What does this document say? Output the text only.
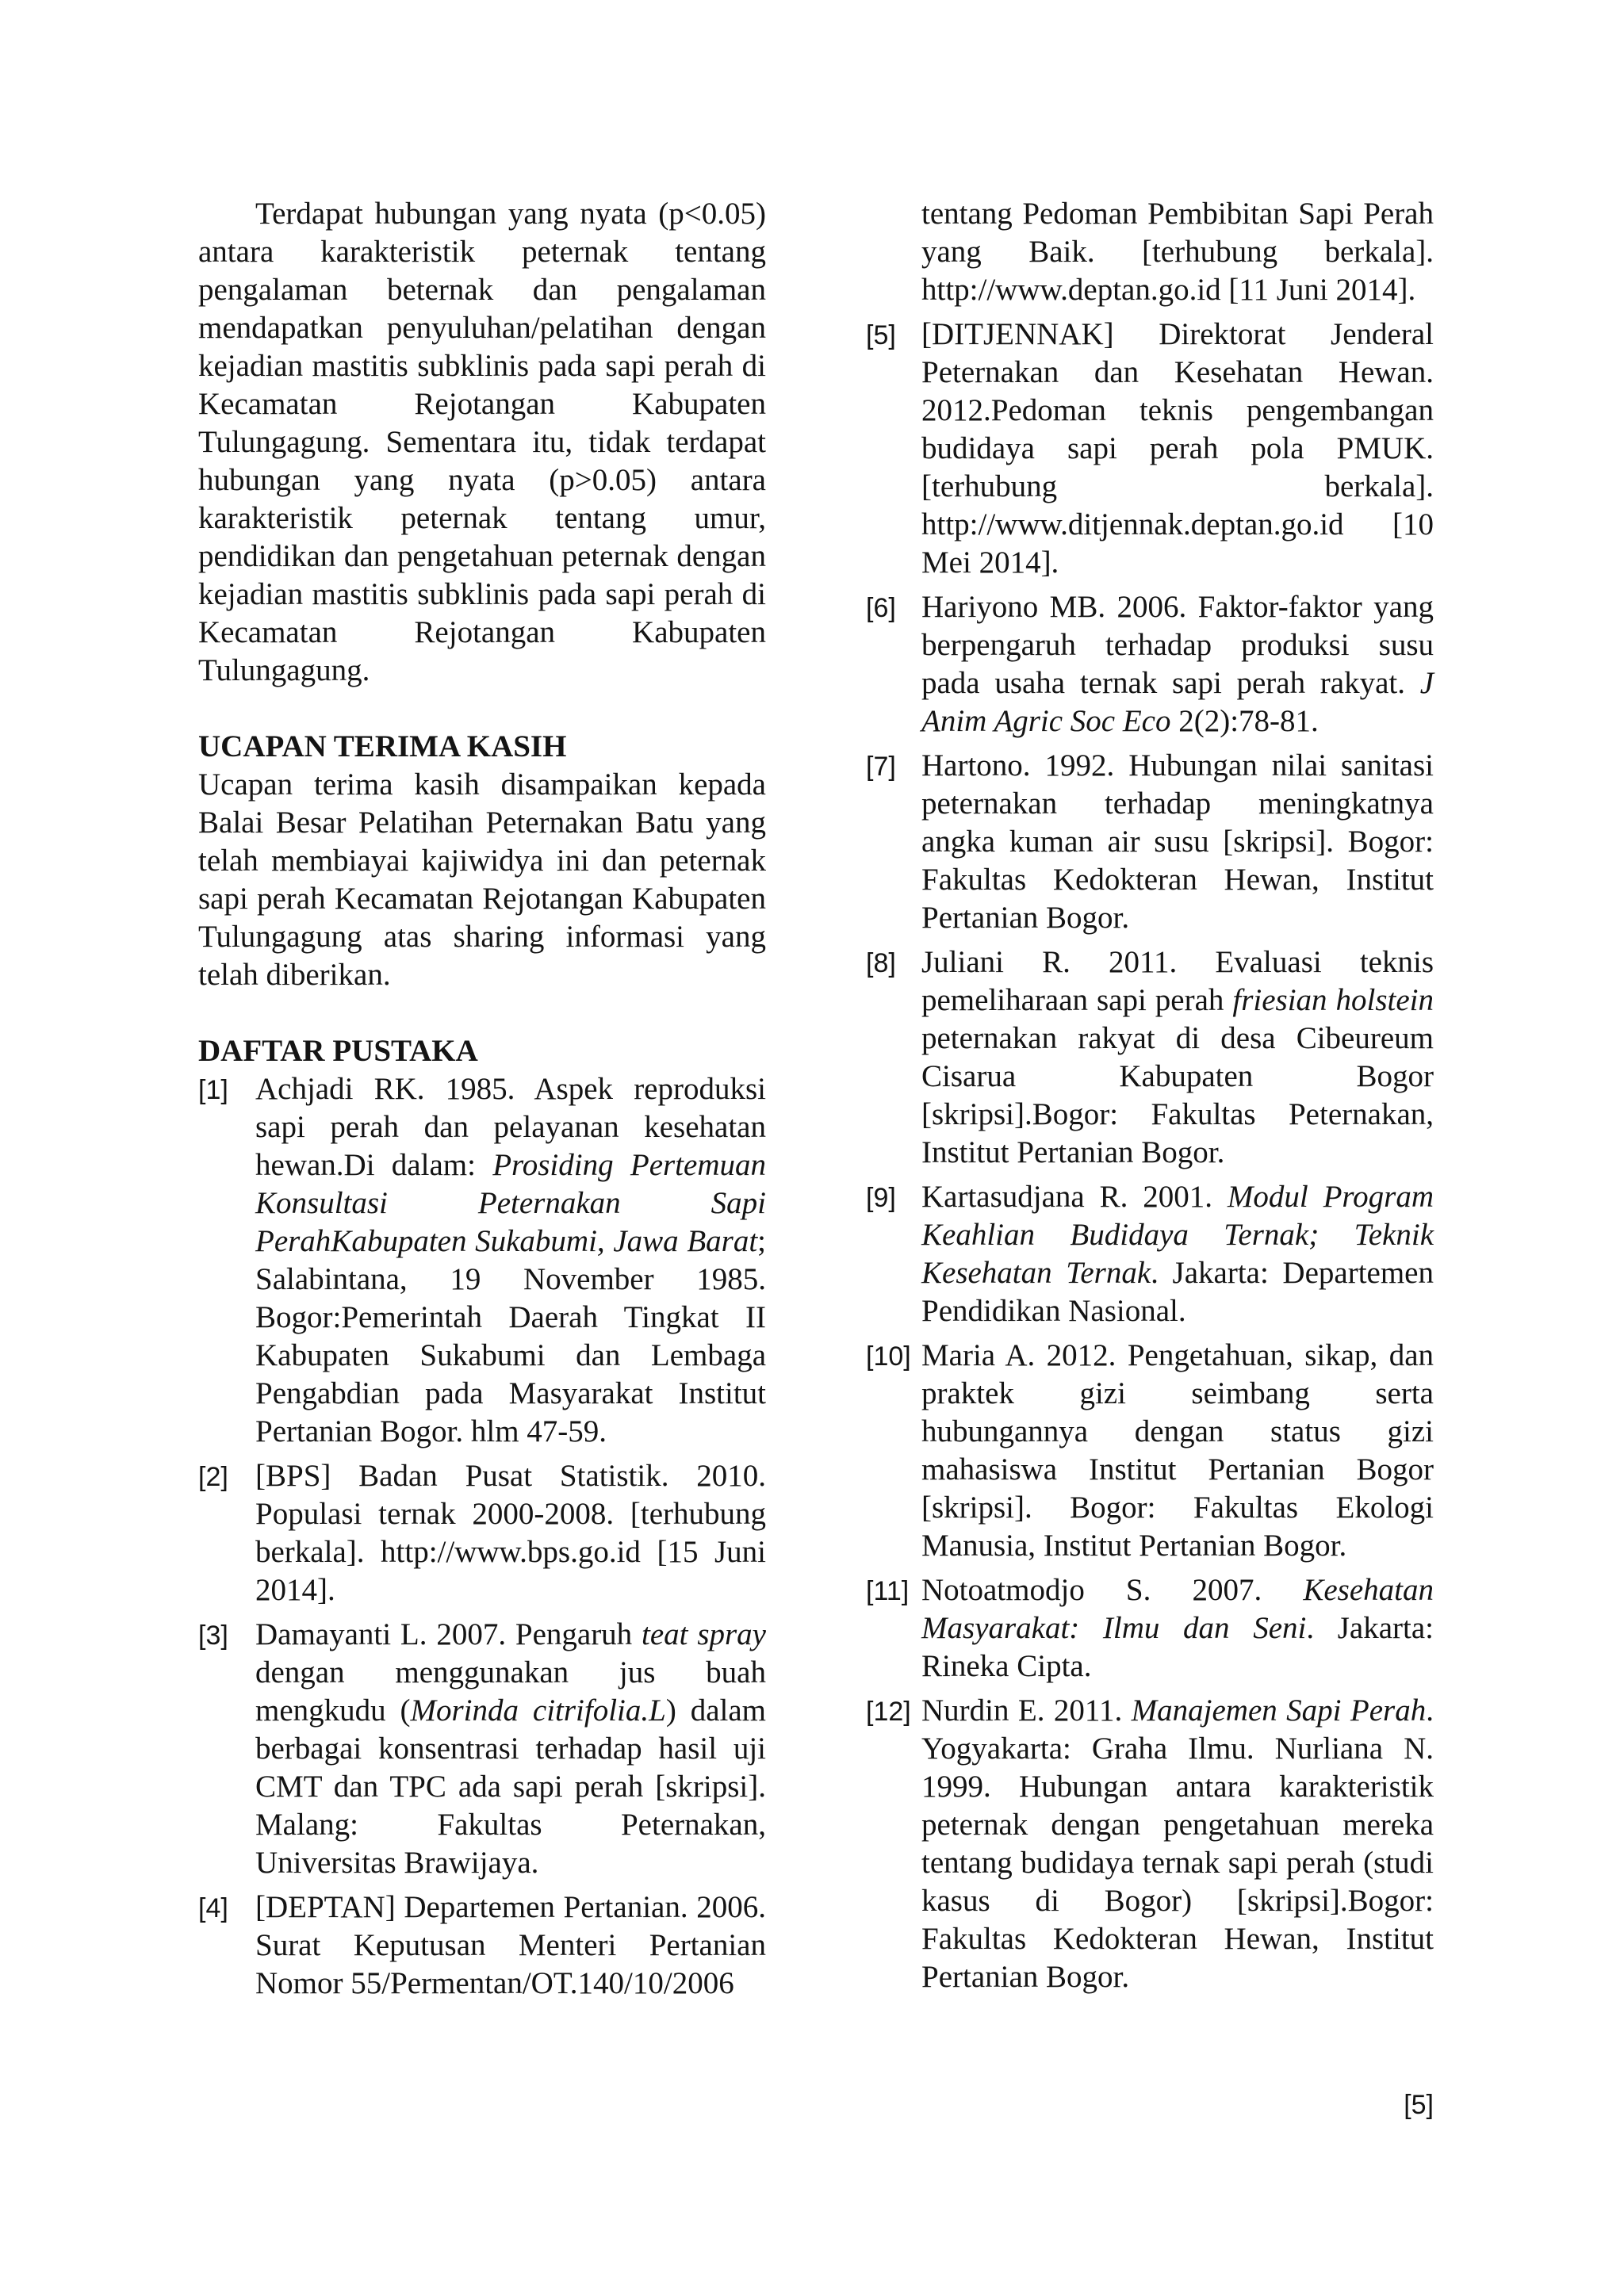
Terdapat hubungan yang nyata (p<0.05) antara karakteristik peternak tentang pengalaman beternak dan pengalaman mendapatkan penyuluhan/pelatihan dengan kejadian mastitis subklinis pada sapi perah di Kecamatan Rejotangan Kabupaten Tulungagung. Sementara itu, tidak terdapat hubungan yang nyata (p>0.05) antara karakteristik peternak tentang umur, pendidikan dan pengetahuan peternak dengan kejadian mastitis subklinis pada sapi perah di Kecamatan Rejotangan Kabupaten Tulungagung.

UCAPAN TERIMA KASIH

Ucapan terima kasih disampaikan kepada Balai Besar Pelatihan Peternakan Batu yang telah membiayai kajiwidya ini dan peternak sapi perah Kecamatan Rejotangan Kabupaten Tulungagung atas sharing informasi yang telah diberikan.

DAFTAR PUSTAKA
[1] Achjadi RK. 1985. Aspek reproduksi sapi perah dan pelayanan kesehatan hewan.Di dalam: Prosiding Pertemuan Konsultasi Peternakan Sapi PerahKabupaten Sukabumi, Jawa Barat; Salabintana, 19 November 1985. Bogor:Pemerintah Daerah Tingkat II Kabupaten Sukabumi dan Lembaga Pengabdian pada Masyarakat Institut Pertanian Bogor. hlm 47-59.
[2] [BPS] Badan Pusat Statistik. 2010. Populasi ternak 2000-2008. [terhubung berkala]. http://www.bps.go.id [15 Juni 2014].
[3] Damayanti L. 2007. Pengaruh teat spray dengan menggunakan jus buah mengkudu (Morinda citrifolia.L) dalam berbagai konsentrasi terhadap hasil uji CMT dan TPC ada sapi perah [skripsi]. Malang: Fakultas Peternakan, Universitas Brawijaya.
[4] [DEPTAN] Departemen Pertanian. 2006. Surat Keputusan Menteri Pertanian Nomor 55/Permentan/OT.140/10/2006

tentang Pedoman Pembibitan Sapi Perah yang Baik. [terhubung berkala]. http://www.deptan.go.id [11 Juni 2014].

[5] [DITJENNAK] Direktorat Jenderal Peternakan dan Kesehatan Hewan. 2012.Pedoman teknis pengembangan budidaya sapi perah pola PMUK. [terhubung berkala]. http://www.ditjennak.deptan.go.id [10 Mei 2014].
[6] Hariyono MB. 2006. Faktor-faktor yang berpengaruh terhadap produksi susu pada usaha ternak sapi perah rakyat. J Anim Agric Soc Eco 2(2):78-81.
[7] Hartono. 1992. Hubungan nilai sanitasi peternakan terhadap meningkatnya angka kuman air susu [skripsi]. Bogor: Fakultas Kedokteran Hewan, Institut Pertanian Bogor.
[8] Juliani R. 2011. Evaluasi teknis pemeliharaan sapi perah friesian holstein peternakan rakyat di desa Cibeureum Cisarua Kabupaten Bogor [skripsi].Bogor: Fakultas Peternakan, Institut Pertanian Bogor.
[9] Kartasudjana R. 2001. Modul Program Keahlian Budidaya Ternak; Teknik Kesehatan Ternak. Jakarta: Departemen Pendidikan Nasional.
[10] Maria A. 2012. Pengetahuan, sikap, dan praktek gizi seimbang serta hubungannya dengan status gizi mahasiswa Institut Pertanian Bogor [skripsi]. Bogor: Fakultas Ekologi Manusia, Institut Pertanian Bogor.
[11] Notoatmodjo S. 2007. Kesehatan Masyarakat: Ilmu dan Seni. Jakarta: Rineka Cipta.
[12] Nurdin E. 2011. Manajemen Sapi Perah. Yogyakarta: Graha Ilmu. Nurliana N. 1999. Hubungan antara karakteristik peternak dengan pengetahuan mereka tentang budidaya ternak sapi perah (studi kasus di Bogor) [skripsi].Bogor: Fakultas Kedokteran Hewan, Institut Pertanian Bogor.
[5]
